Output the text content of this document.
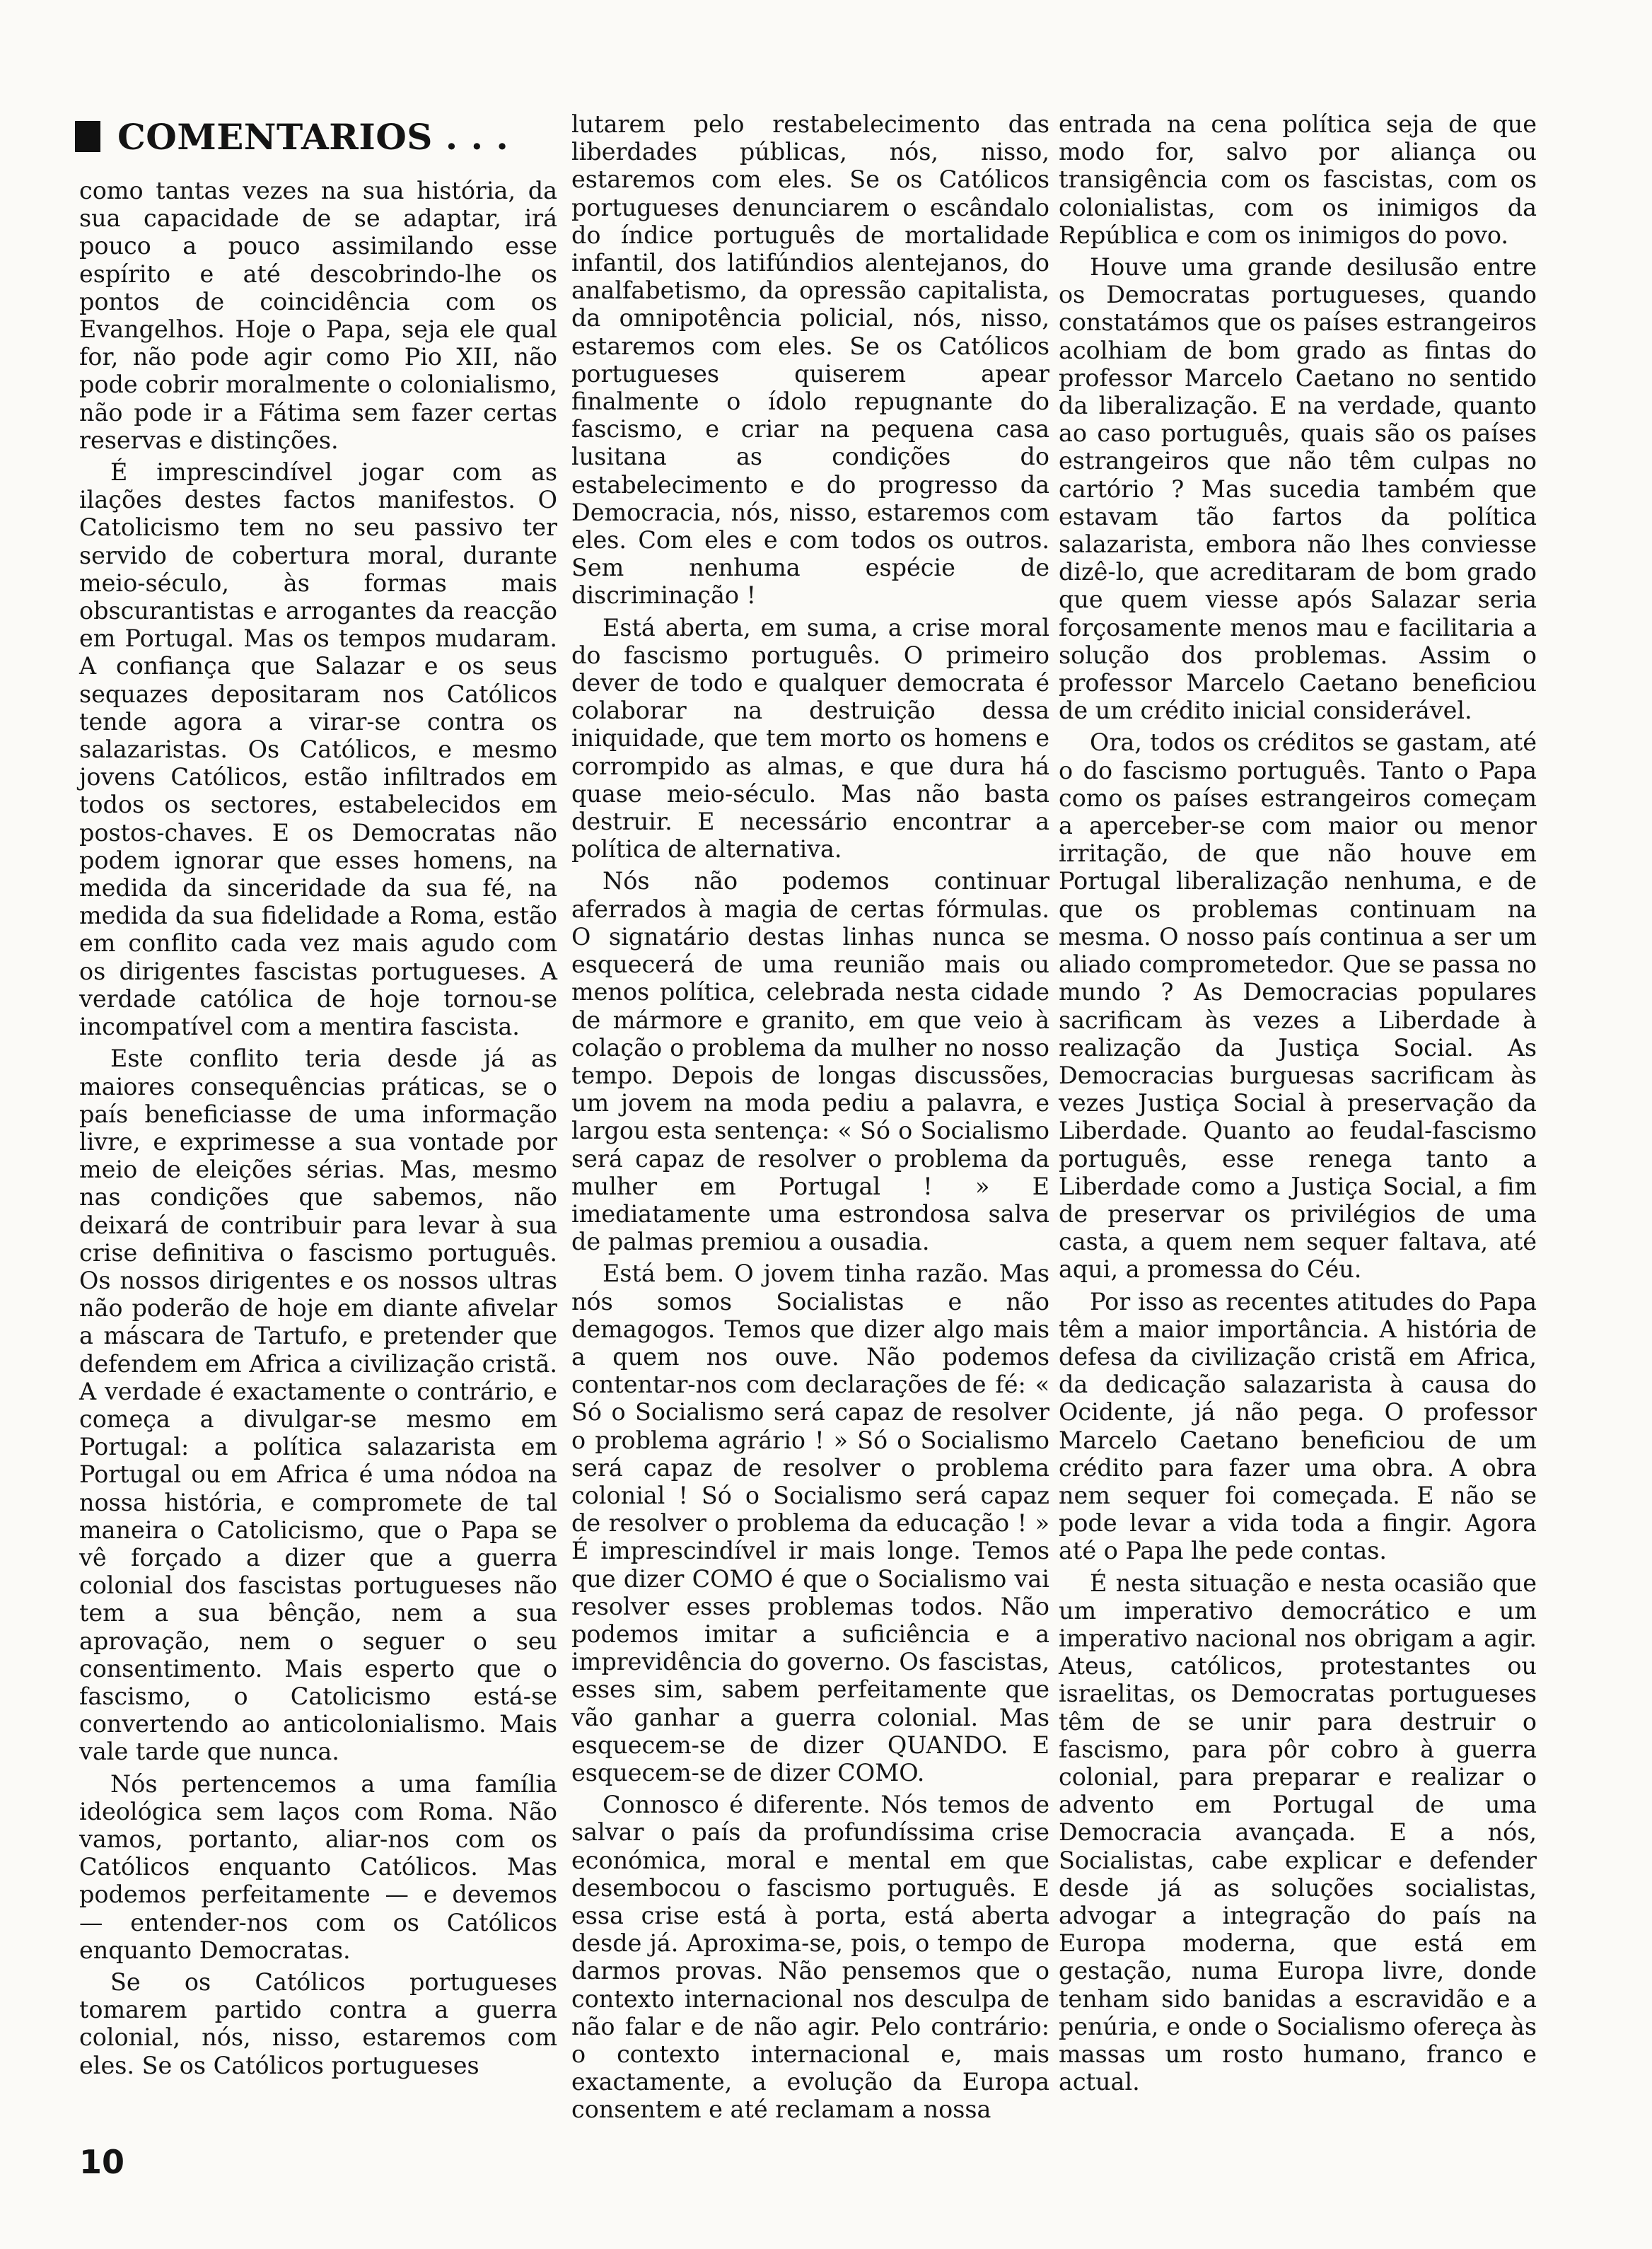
COMENTARIOS . . .

como tantas vezes na sua história, da sua capacidade de se adaptar, irá pouco a pouco assimilando esse espírito e até descobrindo-lhe os pontos de coincidência com os Evangelhos. Hoje o Papa, seja ele qual for, não pode agir como Pio XII, não pode cobrir moralmente o colonialismo, não pode ir a Fátima sem fazer certas reservas e distinções.

É imprescindível jogar com as ilações destes factos manifestos. O Catolicismo tem no seu passivo ter servido de cobertura moral, durante meio-século, às formas mais obscurantistas e arrogantes da reacção em Portugal. Mas os tempos mudaram. A confiança que Salazar e os seus sequazes depositaram nos Católicos tende agora a virar-se contra os salazaristas. Os Católicos, e mesmo jovens Católicos, estão infiltrados em todos os sectores, estabelecidos em postos-chaves. E os Democratas não podem ignorar que esses homens, na medida da sinceridade da sua fé, na medida da sua fidelidade a Roma, estão em conflito cada vez mais agudo com os dirigentes fascistas portugueses. A verdade católica de hoje tornou-se incompatível com a mentira fascista.

Este conflito teria desde já as maiores consequências práticas, se o país beneficiasse de uma informação livre, e exprimesse a sua vontade por meio de eleições sérias. Mas, mesmo nas condições que sabemos, não deixará de contribuir para levar à sua crise definitiva o fascismo português. Os nossos dirigentes e os nossos ultras não poderão de hoje em diante afivelar a máscara de Tartufo, e pretender que defendem em Africa a civilização cristã. A verdade é exactamente o contrário, e começa a divulgar-se mesmo em Portugal: a política salazarista em Portugal ou em Africa é uma nódoa na nossa história, e compromete de tal maneira o Catolicismo, que o Papa se vê forçado a dizer que a guerra colonial dos fascistas portugueses não tem a sua bênção, nem a sua aprovação, nem o seguer o seu consentimento. Mais esperto que o fascismo, o Catolicismo está-se convertendo ao anticolonialismo. Mais vale tarde que nunca.

Nós pertencemos a uma família ideológica sem laços com Roma. Não vamos, portanto, aliar-nos com os Católicos enquanto Católicos. Mas podemos perfeitamente — e devemos — entender-nos com os Católicos enquanto Democratas.

Se os Católicos portugueses tomarem partido contra a guerra colonial, nós, nisso, estaremos com eles. Se os Católicos portugueses

lutarem pelo restabelecimento das liberdades públicas, nós, nisso, estaremos com eles. Se os Católicos portugueses denunciarem o escândalo do índice português de mortalidade infantil, dos latifúndios alentejanos, do analfabetismo, da opressão capitalista, da omnipotência policial, nós, nisso, estaremos com eles. Se os Católicos portugueses quiserem apear finalmente o ídolo repugnante do fascismo, e criar na pequena casa lusitana as condições do estabelecimento e do progresso da Democracia, nós, nisso, estaremos com eles. Com eles e com todos os outros. Sem nenhuma espécie de discriminação !

Está aberta, em suma, a crise moral do fascismo português. O primeiro dever de todo e qualquer democrata é colaborar na destruição dessa iniquidade, que tem morto os homens e corrompido as almas, e que dura há quase meio-século. Mas não basta destruir. E necessário encontrar a política de alternativa.

Nós não podemos continuar aferrados à magia de certas fórmulas. O signatário destas linhas nunca se esquecerá de uma reunião mais ou menos política, celebrada nesta cidade de mármore e granito, em que veio à colação o problema da mulher no nosso tempo. Depois de longas discussões, um jovem na moda pediu a palavra, e largou esta sentença: « Só o Socialismo será capaz de resolver o problema da mulher em Portugal ! » E imediatamente uma estrondosa salva de palmas premiou a ousadia.

Está bem. O jovem tinha razão. Mas nós somos Socialistas e não demagogos. Temos que dizer algo mais a quem nos ouve. Não podemos contentar-nos com declarações de fé: « Só o Socialismo será capaz de resolver o problema agrário ! » Só o Socialismo será capaz de resolver o problema colonial ! Só o Socialismo será capaz de resolver o problema da educação ! » É imprescindível ir mais longe. Temos que dizer COMO é que o Socialismo vai resolver esses problemas todos. Não podemos imitar a suficiência e a imprevidência do governo. Os fascistas, esses sim, sabem perfeitamente que vão ganhar a guerra colonial. Mas esquecem-se de dizer QUANDO. E esquecem-se de dizer COMO.

Connosco é diferente. Nós temos de salvar o país da profundíssima crise económica, moral e mental em que desembocou o fascismo português. E essa crise está à porta, está aberta desde já. Aproxima-se, pois, o tempo de darmos provas. Não pensemos que o contexto internacional nos desculpa de não falar e de não agir. Pelo contrário: o contexto internacional e, mais exactamente, a evolução da Europa consentem e até reclamam a nossa

entrada na cena política seja de que modo for, salvo por aliança ou transigência com os fascistas, com os colonialistas, com os inimigos da República e com os inimigos do povo.

Houve uma grande desilusão entre os Democratas portugueses, quando constatámos que os países estrangeiros acolhiam de bom grado as fintas do professor Marcelo Caetano no sentido da liberalização. E na verdade, quanto ao caso português, quais são os países estrangeiros que não têm culpas no cartório ? Mas sucedia também que estavam tão fartos da política salazarista, embora não lhes conviesse dizê-lo, que acreditaram de bom grado que quem viesse após Salazar seria forçosamente menos mau e facilitaria a solução dos problemas. Assim o professor Marcelo Caetano beneficiou de um crédito inicial considerável.

Ora, todos os créditos se gastam, até o do fascismo português. Tanto o Papa como os países estrangeiros começam a aperceber-se com maior ou menor irritação, de que não houve em Portugal liberalização nenhuma, e de que os problemas continuam na mesma. O nosso país continua a ser um aliado comprometedor. Que se passa no mundo ? As Democracias populares sacrificam às vezes a Liberdade à realização da Justiça Social. As Democracias burguesas sacrificam às vezes Justiça Social à preservação da Liberdade. Quanto ao feudal-fascismo português, esse renega tanto a Liberdade como a Justiça Social, a fim de preservar os privilégios de uma casta, a quem nem sequer faltava, até aqui, a promessa do Céu.

Por isso as recentes atitudes do Papa têm a maior importância. A história de defesa da civilização cristã em Africa, da dedicação salazarista à causa do Ocidente, já não pega. O professor Marcelo Caetano beneficiou de um crédito para fazer uma obra. A obra nem sequer foi começada. E não se pode levar a vida toda a fingir. Agora até o Papa lhe pede contas.

É nesta situação e nesta ocasião que um imperativo democrático e um imperativo nacional nos obrigam a agir. Ateus, católicos, protestantes ou israelitas, os Democratas portugueses têm de se unir para destruir o fascismo, para pôr cobro à guerra colonial, para preparar e realizar o advento em Portugal de uma Democracia avançada. E a nós, Socialistas, cabe explicar e defender desde já as soluções socialistas, advogar a integração do país na Europa moderna, que está em gestação, numa Europa livre, donde tenham sido banidas a escravidão e a penúria, e onde o Socialismo ofereça às massas um rosto humano, franco e actual.

10
